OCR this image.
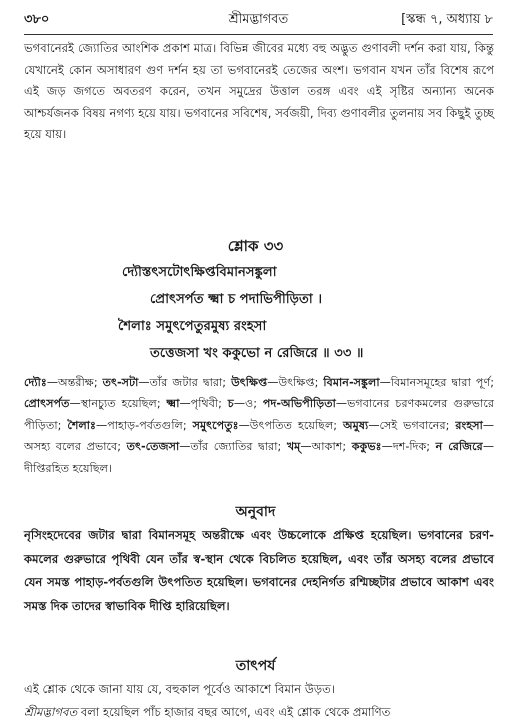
৩৮০	শ্রীমদ্ভাগবত	[স্কন্ধ ৭, অধ্যায় ৮
ভগবানেরই জ্যোতির আংশিক প্রকাশ মাত্র। বিভিন্ন জীবের মধ্যে বহু অদ্ভুত গুণাবলী দর্শন করা যায়, কিন্তু যেখানেই কোন অসাধারণ গুণ দর্শন হয় তা ভগবানেরই তেজের অংশ। ভগবান যখন তাঁর বিশেষ রূপে এই জড় জগতে অবতরণ করেন, তখন সমুদ্রের উত্তাল তরঙ্গ এবং এই সৃষ্টির অন্যান্য অনেক আশ্চর্যজনক বিষয় নগণ্য হয়ে যায়। ভগবানের সবিশেষ, সর্বজয়ী, দিব্য গুণাবলীর তুলনায় সব কিছুই তুচ্ছ হয়ে যায়।
শ্লোক ৩৩
দ্যৌস্তৎসটোৎক্ষিপ্তবিমানসঙ্কুলা
প্রোৎসর্পত ক্ষ্মা চ পদাভিপীড়িতা ।
শৈলাঃ সমুৎপেতুরমুষ্য রংহসা
তত্তেজসা খং ককুভো ন রেজিরে ॥ ৩৩ ॥
দ্যৌঃ—অন্তরীক্ষ; তৎ-সটা—তাঁর জটার দ্বারা; উৎক্ষিপ্ত—উৎক্ষিপ্ত; বিমান-সঙ্কুলা—বিমানসমূহের দ্বারা পূর্ণ; প্রোৎসর্পত—স্থানচ্যুত হয়েছিল; ক্ষ্মা—পৃথিবী; চ—ও; পদ-অভিপীড়িতা—ভগবানের চরণকমলের গুরুভারে পীড়িতা; শৈলাঃ—পাহাড়-পর্বতগুলি; সমুৎপেতুঃ—উৎপতিত হয়েছিল; অমুষ্য—সেই ভগবানের; রংহসা—অসহ্য বলের প্রভাবে; তৎ-তেজসা—তাঁর জ্যোতির দ্বারা; খম্—আকাশ; ককুভঃ—দশ-দিক; ন রেজিরে—দীপ্তিরহিত হয়েছিল।
অনুবাদ
নৃসিংহদেবের জটার দ্বারা বিমানসমূহ অন্তরীক্ষে এবং উচ্চলোকে প্রক্ষিপ্ত হয়েছিল। ভগবানের চরণ-কমলের গুরুভারে পৃথিবী যেন তাঁর স্ব-স্থান থেকে বিচলিত হয়েছিল, এবং তাঁর অসহ্য বলের প্রভাবে যেন সমস্ত পাহাড়-পর্বতগুলি উৎপতিত হয়েছিল। ভগবানের দেহনির্গত রশ্মিচ্ছটার প্রভাবে আকাশ এবং সমস্ত দিক তাদের স্বাভাবিক দীপ্তি হারিয়েছিল।
তাৎপর্য
এই শ্লোক থেকে জানা যায় যে, বহুকাল পূর্বেও আকাশে বিমান উড়ত।
শ্রীমদ্ভাগবত বলা হয়েছিল পাঁচ হাজার বছর আগে, এবং এই শ্লোক থেকে প্রমাণিত
